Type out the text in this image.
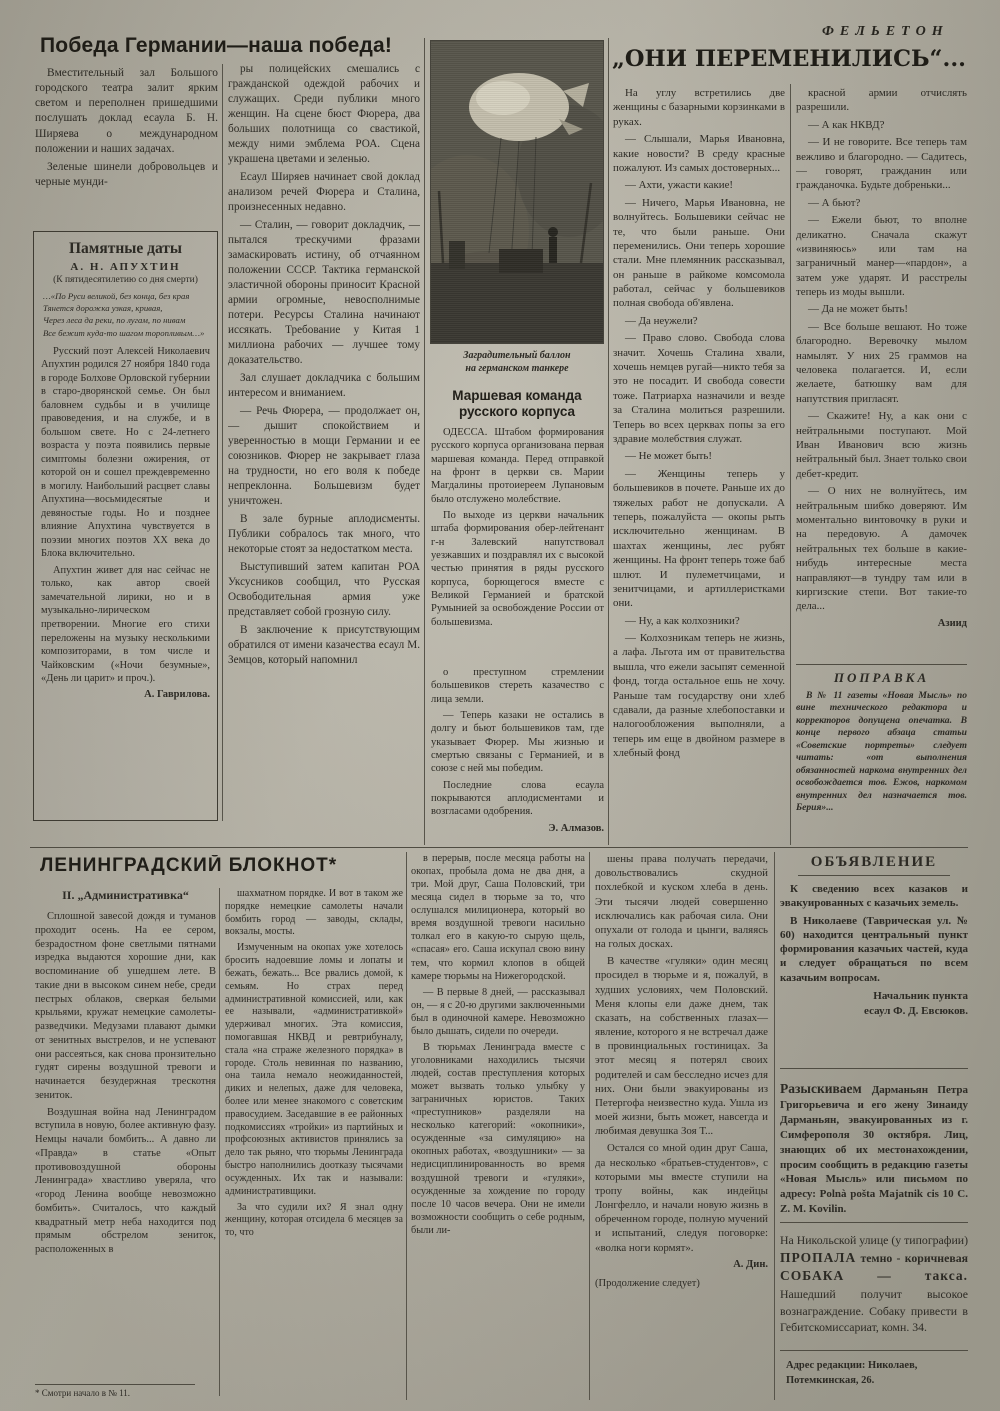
ФЕЛЬЕТОН
Победа Германии—наша победа!

Вместительный зал Большого городского театра залит ярким светом и переполнен пришедшими послушать доклад есаула Б. Н. Ширяева о международном положении и наших задачах.

Зеленые шинели добровольцев и черные мунди-

Памятные даты
А. Н. АПУХТИН
(К пятидесятилетию со дня смерти)

…«По Руси великой, без конца, без края

Тянется дорожка узкая, кривая,

Через леса да реки, по лугам, по нивам

Все бежит куда-то шагом торопливым…»

Русский поэт Алексей Николаевич Апухтин родился 27 ноября 1840 года в городе Болхове Орловской губернии в старо-дворянской семье. Он был баловнем судьбы и в училище правоведения, и на службе, и в большом свете. Но с 24-летнего возраста у поэта появились первые симптомы болезни ожирения, от которой он и сошел преждевременно в могилу. Наибольший расцвет славы Апухтина—восьмидесятые и девяностые годы. Но и позднее влияние Апухтина чувствуется в поэзии многих поэтов XX века до Блока включительно.

Апухтин живет для нас сейчас не только, как автор своей замечательной лирики, но и в музыкально-лирическом претворении. Многие его стихи переложены на музыку несколькими композиторами, в том числе и Чайковским («Ночи безумные», «День ли царит» и проч.).

А. Гаврилова.

ры полицейских смешались с гражданской одеждой рабочих и служащих. Среди публики много женщин. На сцене бюст Фюрера, два больших полотнища со свастикой, между ними эмблема РОА. Сцена украшена цветами и зеленью.

Есаул Ширяев начинает свой доклад анализом речей Фюрера и Сталина, произнесенных недавно.

— Сталин, — говорит докладчик, — пытался трескучими фразами замаскировать истину, об отчаянном положении СССР. Тактика германской эластичной обороны приносит Красной армии огромные, невосполнимые потери. Ресурсы Сталина начинают иссякать. Требование у Китая 1 миллиона рабочих — лучшее тому доказательство.

Зал слушает докладчика с большим интересом и вниманием.

— Речь Фюрера, — продолжает он, — дышит спокойствием и уверенностью в мощи Германии и ее союзников. Фюрер не закрывает глаза на трудности, но его воля к победе непреклонна. Большевизм будет уничтожен.

В зале бурные аплодисменты. Публики собралось так много, что некоторые стоят за недостатком места.

Выступивший затем капитан РОА Уксусников сообщил, что Русская Освободительная армия уже представляет собой грозную силу.

В заключение к присутствующим обратился от имени казачества есаул М. Земцов, который напомнил

Заградительный баллон
на германском танкере
Маршевая команда
русского корпуса

ОДЕССА. Штабом формирования русского корпуса организована первая маршевая команда. Перед отправкой на фронт в церкви св. Марии Магдалины протоиереем Лупановым было отслужено молебствие.

По выходе из церкви начальник штаба формирования обер-лейтенант г-н Залевский напутствовал уезжавших и поздравлял их с высокой честью принятия в ряды русского корпуса, борющегося вместе с Великой Германией и братской Румынией за освобождение России от большевизма.

о преступном стремлении большевиков стереть казачество с лица земли.

— Теперь казаки не остались в долгу и бьют большевиков там, где указывает Фюрер. Мы жизнью и смертью связаны с Германией, и в союзе с ней мы победим.

Последние слова есаула покрываются аплодисментами и возгласами одобрения.

Э. Алмазов.
„ОНИ ПЕРЕМЕНИЛИСЬ“...

На углу встретились две женщины с базарными корзинками в руках.

— Слышали, Марья Ивановна, какие новости? В среду красные пожалуют. Из самых достоверных...

— Ахти, ужасти какие!

— Ничего, Марья Ивановна, не волнуйтесь. Большевики сейчас не те, что были раньше. Они переменились. Они теперь хорошие стали. Мне племянник рассказывал, он раньше в райкоме комсомола работал, сейчас у большевиков полная свобода об'явлена.

— Да неужели?

— Право слово. Свобода слова значит. Хочешь Сталина хвали, хочешь немцев ругай—никто тебя за это не посадит. И свобода совести тоже. Патриарха назначили и везде за Сталина молиться разрешили. Теперь во всех церквах попы за его здравие молебствия служат.

— Не может быть!

— Женщины теперь у большевиков в почете. Раньше их до тяжелых работ не допускали. А теперь, пожалуйста — окопы рыть исключительно женщинам. В шахтах женщины, лес рубят женщины. На фронт теперь тоже баб шлют. И пулеметчицами, и зенитчицами, и артиллеристками они.

— Ну, а как колхозники?

— Колхозникам теперь не жизнь, а лафа. Льгота им от правительства вышла, что ежели засыпят семенной фонд, тогда остальное ешь не хочу. Раньше там государству они хлеб сдавали, да разные хлебопоставки и налогообложения выполняли, а теперь им еще в двойном размере в хлебный фонд

красной армии отчислять разрешили.

— А как НКВД?

— И не говорите. Все теперь там вежливо и благородно. — Садитесь, — говорят, гражданин или гражданочка. Будьте добреньки...

— А бьют?

— Ежели бьют, то вполне деликатно. Сначала скажут «извиняюсь» или там на заграничный манер—«пардон», а затем уже ударят. И расстрелы теперь из моды вышли.

— Да не может быть!

— Все больше вешают. Но тоже благородно. Веревочку мылом намылят. У них 25 граммов на человека полагается. И, если желаете, батюшку вам для напутствия пригласят.

— Скажите! Ну, а как они с нейтральными поступают. Мой Иван Иванович всю жизнь нейтральный был. Знает только свои дебет-кредит.

— О них не волнуйтесь, им нейтральным шибко доверяют. Им моментально винтовочку в руки и на передовую. А дамочек нейтральных тех больше в какие-нибудь интересные места направляют—в тундру там или в киргизские степи. Вот такие-то дела...

Азиид
ПОПРАВКА

В № 11 газеты «Новая Мысль» по вине технического редактора и корректоров допущена опечатка. В конце первого абзаца статьи «Советские портреты» следует читать: «от выполнения обязанностей наркома внутренних дел освобождается тов. Ежов, наркомом внутренних дел назначается тов. Берия»...

ЛЕНИНГРАДСКИЙ БЛОКНОТ*
II. „Административка“

Сплошной завесой дождя и туманов проходит осень. На ее сером, безрадостном фоне светлыми пятнами изредка выдаются хорошие дни, как воспоминание об ушедшем лете. В такие дни в высоком синем небе, среди пестрых облаков, сверкая белыми крыльями, кружат немецкие самолеты-разведчики. Медузами плавают дымки от зенитных выстрелов, и не успевают они рассеяться, как снова пронзительно гудят сирены воздушной тревоги и начинается безудержная трескотня зениток.

Воздушная война над Ленинградом вступила в новую, более активную фазу. Немцы начали бомбить... А давно ли «Правда» в статье «Опыт противовоздушной обороны Ленинграда» хвастливо уверяла, что «город Ленина вообще невозможно бомбить». Считалось, что каждый квадратный метр неба находится под прямым обстрелом зениток, расположенных в

* Смотри начало в № 11.

шахматном порядке. И вот в таком же порядке немецкие самолеты начали бомбить город — заводы, склады, вокзалы, мосты.

Измученным на окопах уже хотелось бросить надоевшие ломы и лопаты и бежать, бежать... Все рвались домой, к семьям. Но страх перед административной комиссией, или, как ее называли, «административкой» удерживал многих. Эта комиссия, помогавшая НКВД и ревтрибуналу, стала «на страже железного порядка» в городе. Столь невинная по названию, она таила немало неожиданностей, диких и нелепых, даже для человека, более или менее знакомого с советским правосудием. Заседавшие в ее районных подкомиссиях «тройки» из партийных и профсоюзных активистов принялись за дело так рьяно, что тюрьмы Ленинграда быстро наполнились доотказу тысячами осужденных. Их так и называли: административщики.

За что судили их? Я знал одну женщину, которая отсидела 6 месяцев за то, что

в перерыв, после месяца работы на окопах, пробыла дома не два дня, а три. Мой друг, Саша Половский, три месяца сидел в тюрьме за то, что ослушался милиционера, который во время воздушной тревоги насильно толкал его в какую-то сырую щель, «спасая» его. Саша искупал свою вину тем, что кормил клопов в общей камере тюрьмы на Нижегородской.

— В первые 8 дней, — рассказывал он, — я с 20-ю другими заключенными был в одиночной камере. Невозможно было дышать, сидели по очереди.

В тюрьмах Ленинграда вместе с уголовниками находились тысячи людей, состав преступления которых может вызвать только улыбку у заграничных юристов. Таких «преступников» разделяли на несколько категорий: «окопники», осужденные «за симуляцию» на окопных работах, «воздушники» — за недисциплинированность во время воздушной тревоги и «гуляки», осужденные за хождение по городу после 10 часов вечера. Они не имели возможности сообщить о себе родным, были ли-

шены права получать передачи, довольствовались скудной похлебкой и куском хлеба в день. Эти тысячи людей совершенно исключались как рабочая сила. Они опухали от голода и цынги, валяясь на голых досках.

В качестве «гуляки» один месяц просидел в тюрьме и я, пожалуй, в худших условиях, чем Половский. Меня клопы ели даже днем, так сказать, на собственных глазах—явление, которого я не встречал даже в провинциальных гостиницах. За этот месяц я потерял своих родителей и сам бесследно исчез для них. Они были эвакуированы из Петергофа неизвестно куда. Ушла из моей жизни, быть может, навсегда и любимая девушка Зоя Т...

Остался со мной один друг Саша, да несколько «братьев-студентов», с которыми мы вместе ступили на тропу войны, как индейцы Лонгфелло, и начали новую жизнь в обреченном городе, полную мучений и испытаний, следуя поговорке: «волка ноги кормят».

А. Дин.
(Продолжение следует)
ОБЪЯВЛЕНИЕ

К сведению всех казаков и эвакуированных с казачьих земель.

В Николаеве (Таврическая ул. № 60) находится центральный пункт формирования казачьих частей, куда и следует обращаться по всем казачьим вопросам.

Начальник пункта
есаул Ф. Д. Евсюков.
Разыскиваем Дарманьян Петра Григорьевича и его жену Зинаиду Дарманьян, эвакуированных из г. Симферополя 30 октября. Лиц, знающих об их местонахождении, просим сообщить в редакцию газеты «Новая Мысль» или письмом по адресу: Polnà pošta Majatnik cis 10 C. Z. M. Kovilin.
На Никольской улице (у типографии) ПРОПАЛА темно - коричневая СОБАКА — такса. Нашедший получит высокое вознаграждение. Собаку привести в Гебитскомиссариат, комн. 34.
Адрес редакции: Николаев,
Потемкинская, 26.
